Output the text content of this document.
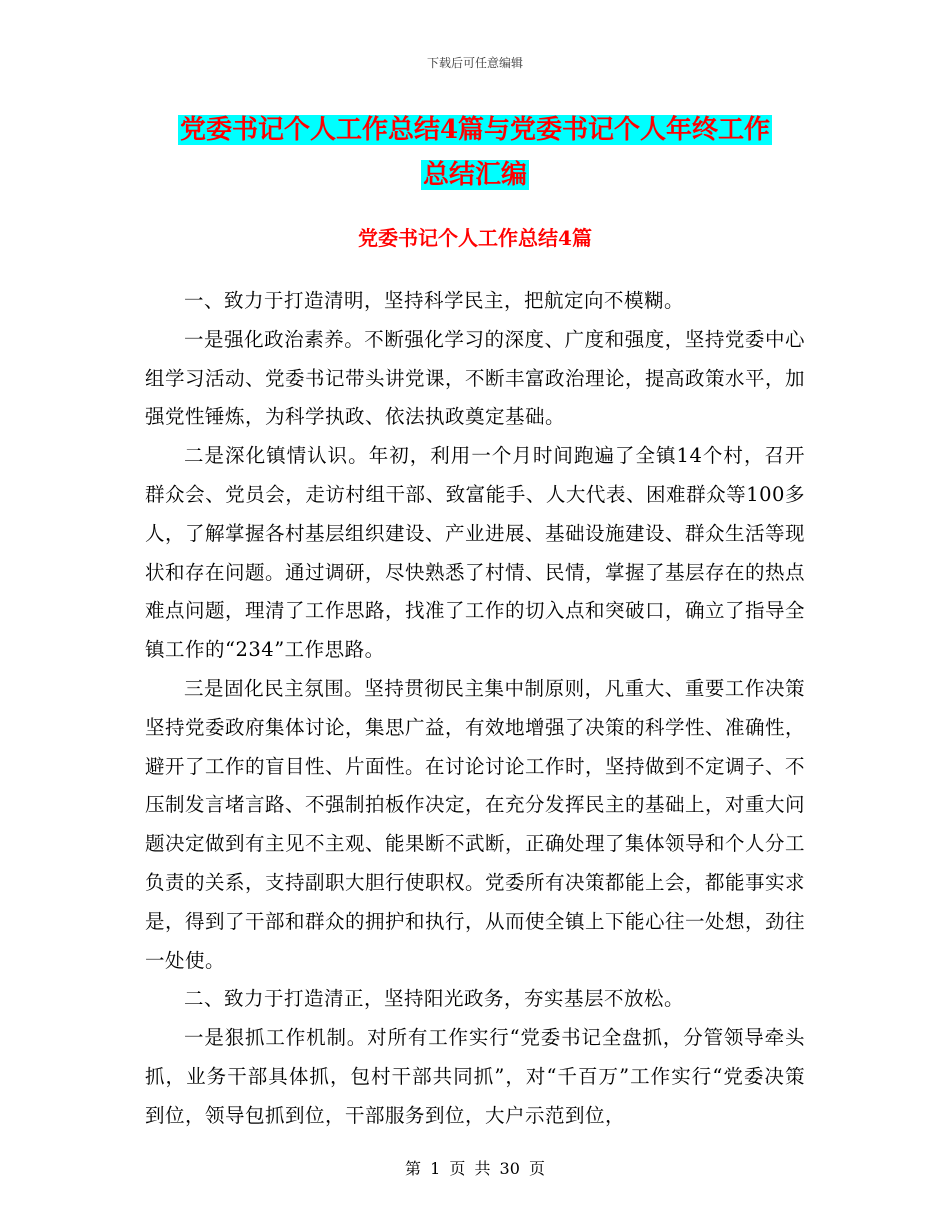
下载后可任意编辑
党委书记个人工作总结4篇与党委书记个人年终工作
总结汇编
党委书记个人工作总结4篇

一、致力于打造清明，坚持科学民主，把航定向不模糊。

一是强化政治素养。不断强化学习的深度、广度和强度，坚持党委中心组学习活动、党委书记带头讲党课，不断丰富政治理论，提高政策水平，加强党性锤炼，为科学执政、依法执政奠定基础。

二是深化镇情认识。年初，利用一个月时间跑遍了全镇14个村，召开群众会、党员会，走访村组干部、致富能手、人大代表、困难群众等100多人，了解掌握各村基层组织建设、产业进展、基础设施建设、群众生活等现状和存在问题。通过调研，尽快熟悉了村情、民情，掌握了基层存在的热点难点问题，理清了工作思路，找准了工作的切入点和突破口，确立了指导全镇工作的“234”工作思路。

三是固化民主氛围。坚持贯彻民主集中制原则，凡重大、重要工作决策坚持党委政府集体讨论，集思广益，有效地增强了决策的科学性、准确性，避开了工作的盲目性、片面性。在讨论讨论工作时，坚持做到不定调子、不压制发言堵言路、不强制拍板作决定，在充分发挥民主的基础上，对重大问题决定做到有主见不主观、能果断不武断，正确处理了集体领导和个人分工负责的关系，支持副职大胆行使职权。党委所有决策都能上会，都能事实求是，得到了干部和群众的拥护和执行，从而使全镇上下能心往一处想，劲往一处使。

二、致力于打造清正，坚持阳光政务，夯实基层不放松。

一是狠抓工作机制。对所有工作实行“党委书记全盘抓，分管领导牵头抓，业务干部具体抓，包村干部共同抓”，对“千百万”工作实行“党委决策到位，领导包抓到位，干部服务到位，大户示范到位，

第 1 页 共 30 页
